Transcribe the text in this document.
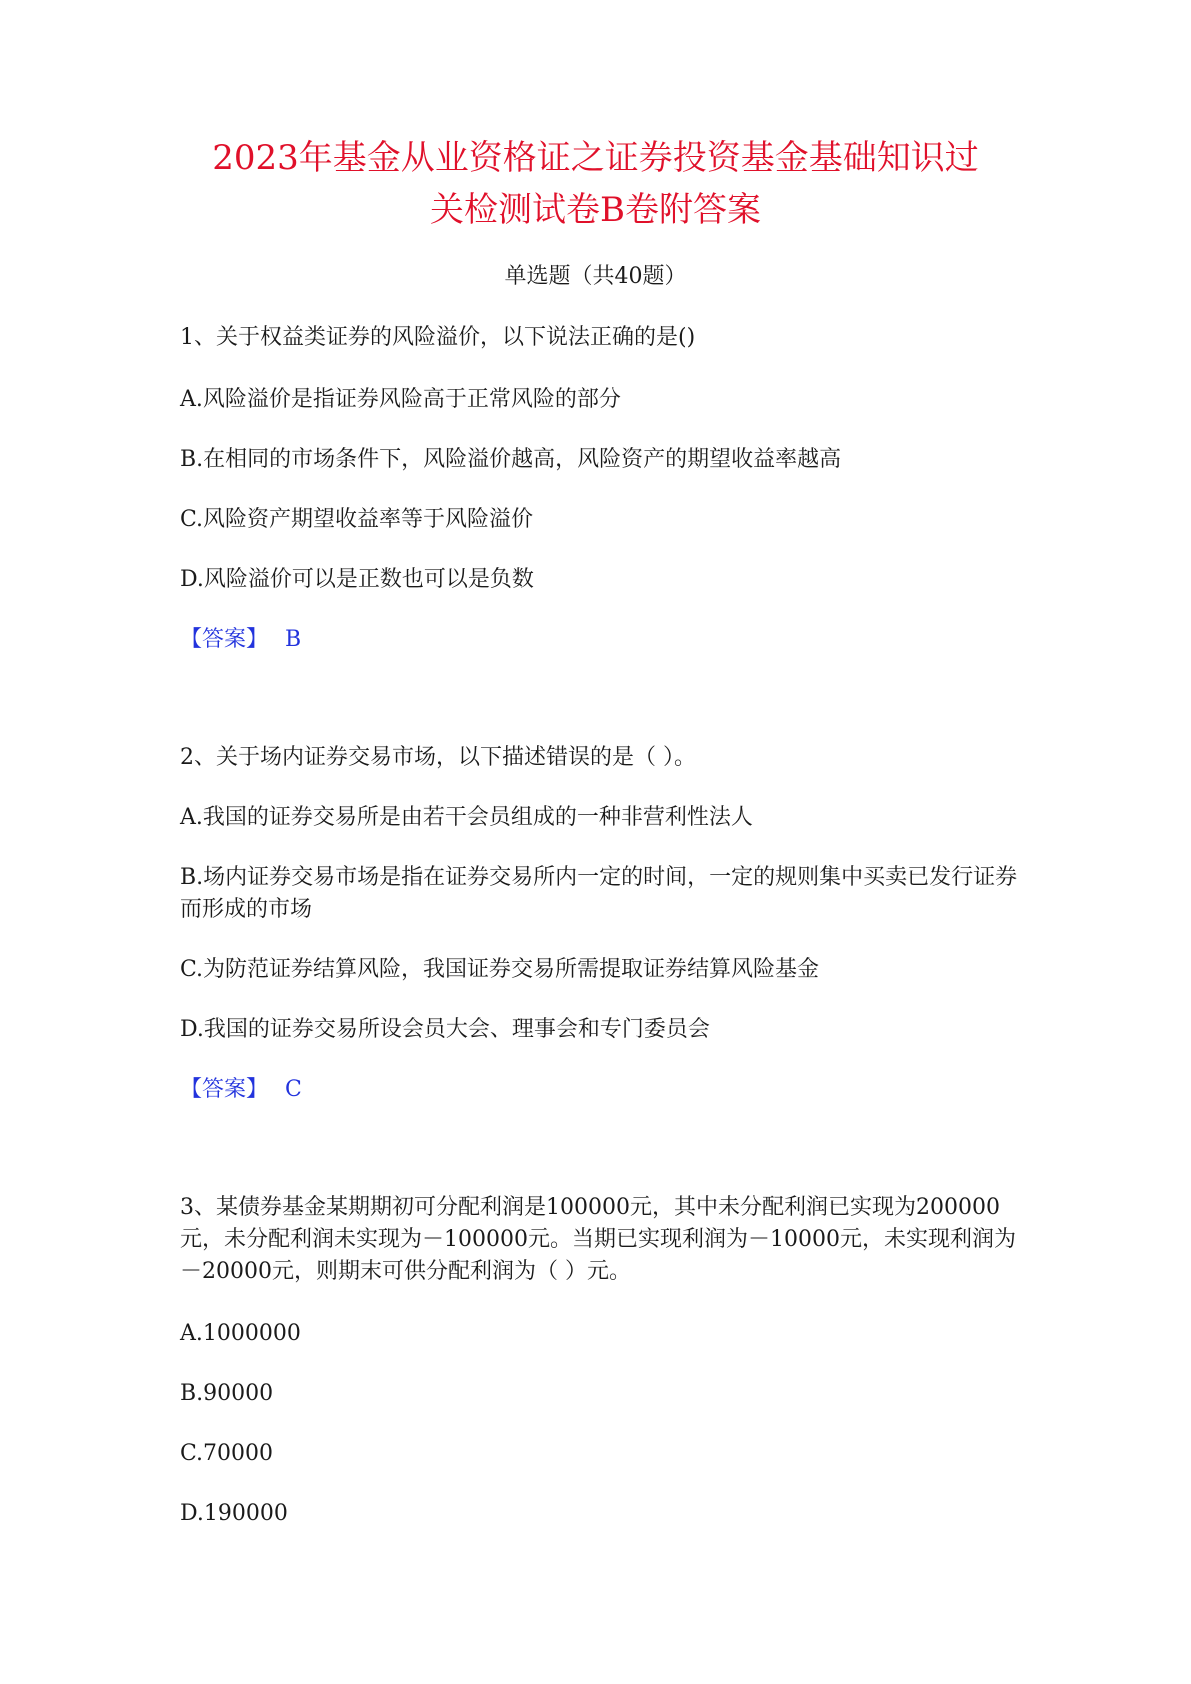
2023年基金从业资格证之证券投资基金基础知识过
关检测试卷B卷附答案
单选题（共40题）
1、关于权益类证券的风险溢价，以下说法正确的是()
A.风险溢价是指证券风险高于正常风险的部分
B.在相同的市场条件下，风险溢价越高，风险资产的期望收益率越高
C.风险资产期望收益率等于风险溢价
D.风险溢价可以是正数也可以是负数
【答案】 B
2、关于场内证券交易市场，以下描述错误的是（ ）。
A.我国的证券交易所是由若干会员组成的一种非营利性法人
B.场内证券交易市场是指在证券交易所内一定的时间，一定的规则集中买卖已发行证券而形成的市场
C.为防范证券结算风险，我国证券交易所需提取证券结算风险基金
D.我国的证券交易所设会员大会、理事会和专门委员会
【答案】 C
3、某债券基金某期期初可分配利润是100000元，其中未分配利润已实现为200000元，未分配利润未实现为－100000元。当期已实现利润为－10000元，未实现利润为－20000元，则期末可供分配利润为（ ）元。
A.1000000
B.90000
C.70000
D.190000
